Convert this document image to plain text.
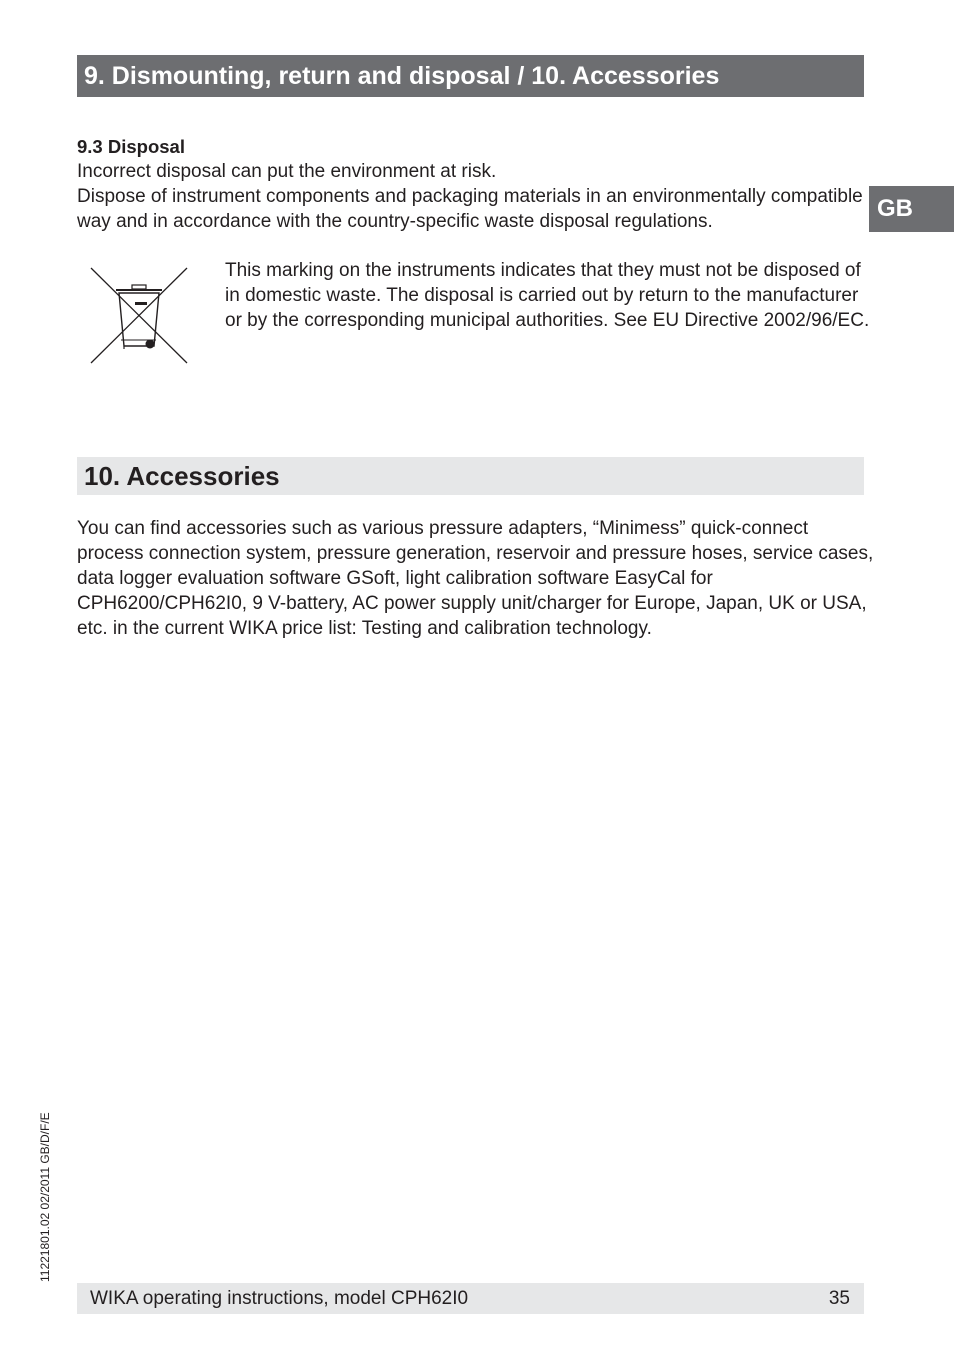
9. Dismounting, return and disposal / 10. Accessories
GB
9.3 Disposal

Incorrect disposal can put the environment at risk.

Dispose of instrument components and packaging materials in an environmentally compatible way and in accordance with the country-specific waste disposal regulations.

This marking on the instruments indicates that they must not be disposed of in domestic waste. The disposal is carried out by return to the manufacturer or by the corresponding municipal authorities. See EU Directive 2002/96/EC.

10. Accessories

You can find accessories such as various pressure adapters, “Minimess” quick-connect process connection system, pressure generation, reservoir and pressure hoses, service cases, data logger evaluation software GSoft, light calibration software EasyCal for CPH6200/CPH62I0, 9 V-battery, AC power supply unit/charger for Europe, Japan, UK or USA, etc. in the current WIKA price list: Testing and calibration technology.

11221801.02 02/2011 GB/D/F/E
WIKA operating instructions, model CPH62I0	35
